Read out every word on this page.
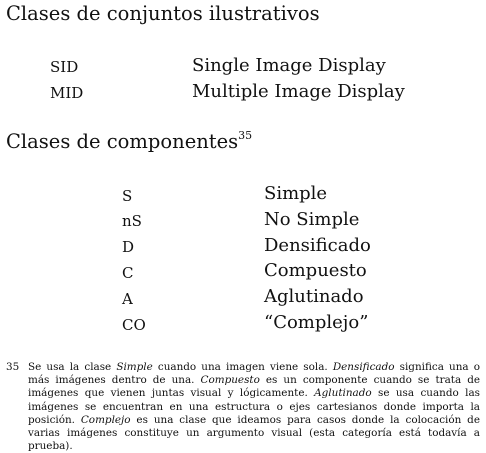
Clases de conjuntos ilustrativos
SID	Single Image Display
MID	Multiple Image Display
Clases de componentes$^{35}$
S	Simple
nS	No Simple
D	Densificado
C	Compuesto
A	Aglutinado
CO	“Complejo”
35 Se usa la clase Simple cuando una imagen viene sola. Densificado significa una o más imágenes dentro de una. Compuesto es un componente cuando se trata de imágenes que vienen juntas visual y lógicamente. Aglutinado se usa cuando las imágenes se encuentran en una estructura o ejes cartesianos donde importa la posición. Complejo es una clase que ideamos para casos donde la colocación de varias imágenes constituye un argumento visual (esta categoría está todavía a prueba).
